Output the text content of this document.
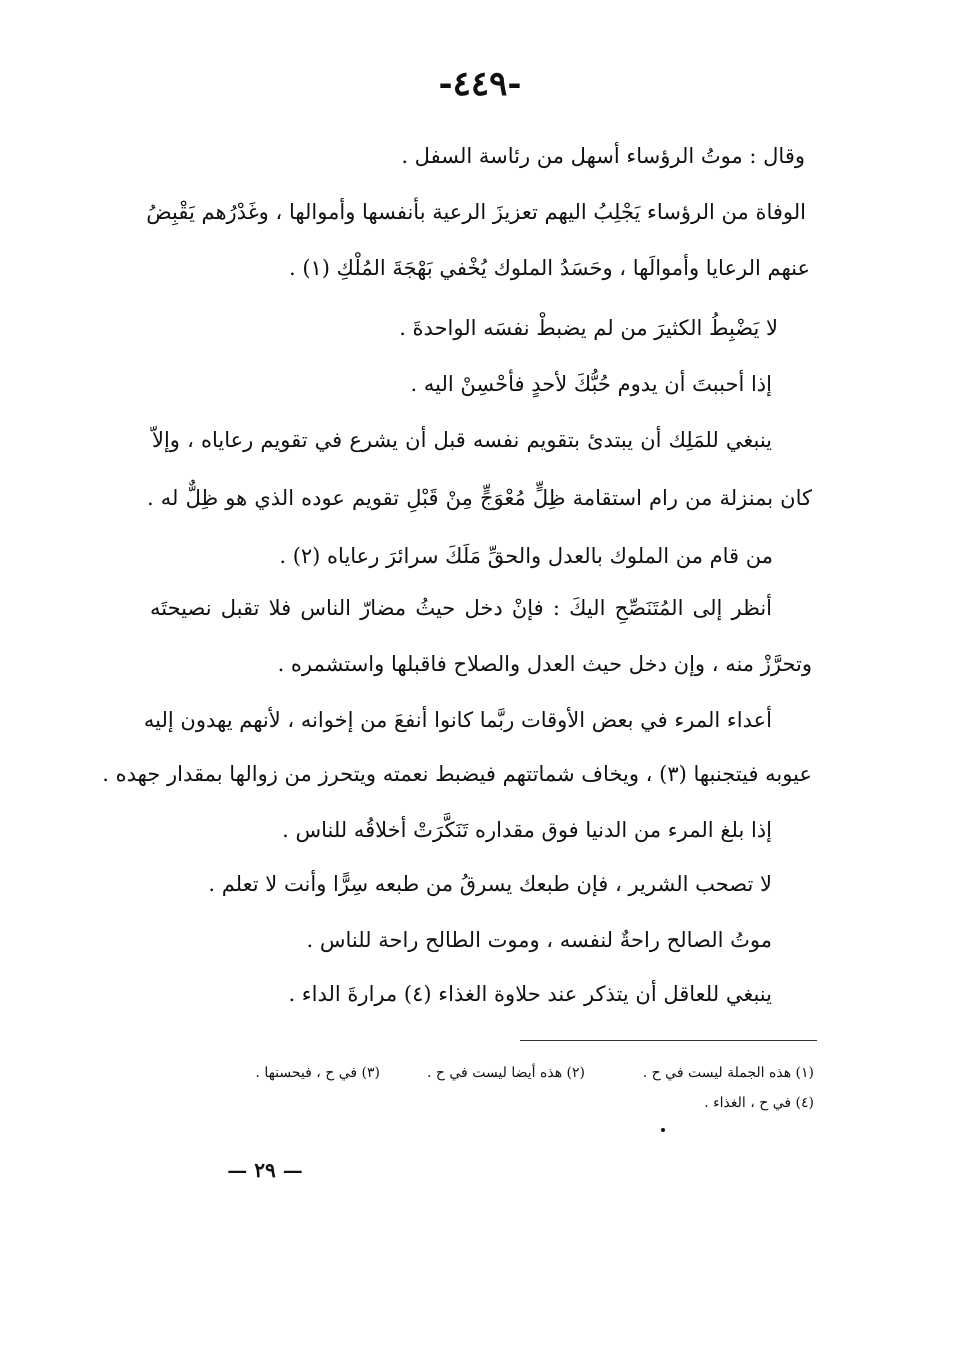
-٤٤٩-
وقال : موتُ الرؤساء أسهل من رئاسة السفل .
الوفاة من الرؤساء يَجْلِبُ اليهم تعزيزَ الرعية بأنفسها وأموالها ، وغَدْرُهم يَقْبِضُ
عنهم الرعايا وأموالَها ، وحَسَدُ الملوك يُخْفي بَهْجَةَ المُلْكِ (١) .
لا يَضْبِطُ الكثيرَ من لم يضبطْ نفسَه الواحدةَ .
إذا أحببتَ أن يدوم حُبُّكَ لأحدٍ فأحْسِنْ اليه .
ينبغي للمَلِك أن يبتدئ بتقويم نفسه قبل أن يشرع في تقويم رعاياه ، وإلاّ
كان بمنزلة من رام استقامة ظِلٍّ مُعْوَجٍّ مِنْ قَبْلِ تقويم عوده الذي هو ظِلٌّ له .
من قام من الملوك بالعدل والحقِّ مَلَكَ سرائرَ رعاياه (٢) .
أنظر إلى المُتَنَصِّحِ اليكَ : فإنْ دخل حيثُ مضارّ الناس فلا تقبل نصيحتَه
وتحرَّزْ منه ، وإن دخل حيث العدل والصلاح فاقبلها واستشمره .
أعداء المرء في بعض الأوقات ربَّما كانوا أنفعَ من إخوانه ، لأنهم يهدون إليه
عيوبه فيتجنبها (٣) ، ويخاف شماتتهم فيضبط نعمته ويتحرز من زوالها بمقدار جهده .
إذا بلغ المرء من الدنيا فوق مقداره تَنَكَّرَتْ أخلاقُه للناس .
لا تصحب الشرير ، فإن طبعك يسرقُ من طبعه سِرًّا وأنت لا تعلم .
موتُ الصالح راحةٌ لنفسه ، وموت الطالح راحة للناس .
ينبغي للعاقل أن يتذكر عند حلاوة الغذاء (٤) مرارةَ الداء .
(١) هذه الجملة ليست في ح .
(٢) هذه أيضا ليست في ح .
(٣) في ح ، فيحسنها .
(٤) في ح ، الغذاء .
— ٢٩ —
